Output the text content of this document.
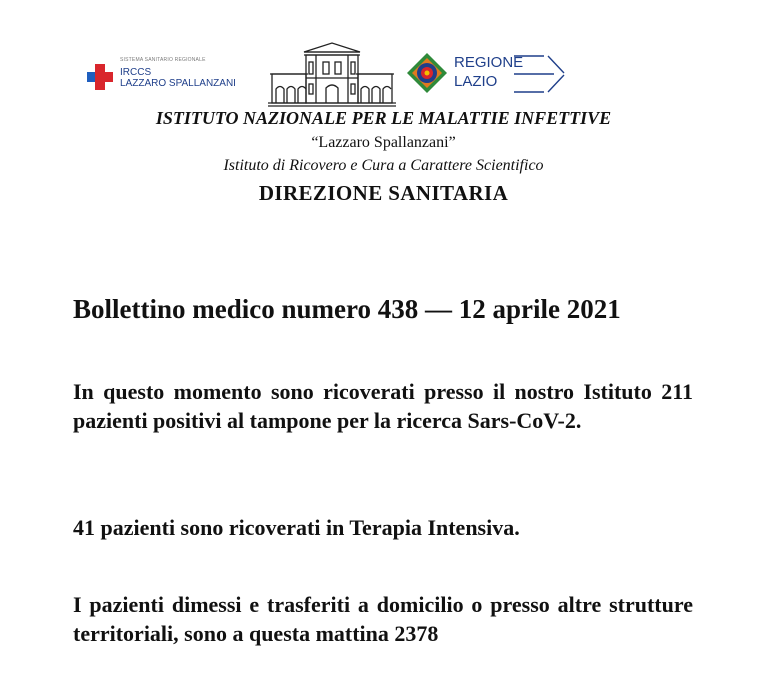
SISTEMA SANITARIO REGIONALE
IRCCS
LAZZARO SPALLANZANI
REGIONE
LAZIO
ISTITUTO NAZIONALE PER LE MALATTIE INFETTIVE
“Lazzaro Spallanzani”
Istituto di Ricovero e Cura a Carattere Scientifico
DIREZIONE SANITARIA
Bollettino medico numero 438 — 12 aprile 2021
In questo momento sono ricoverati presso il nostro Istituto 211 pazienti positivi al tampone per la ricerca Sars-CoV-2.
41 pazienti sono ricoverati in Terapia Intensiva.
I pazienti dimessi e trasferiti a domicilio o presso altre strutture territoriali, sono a questa mattina 2378
